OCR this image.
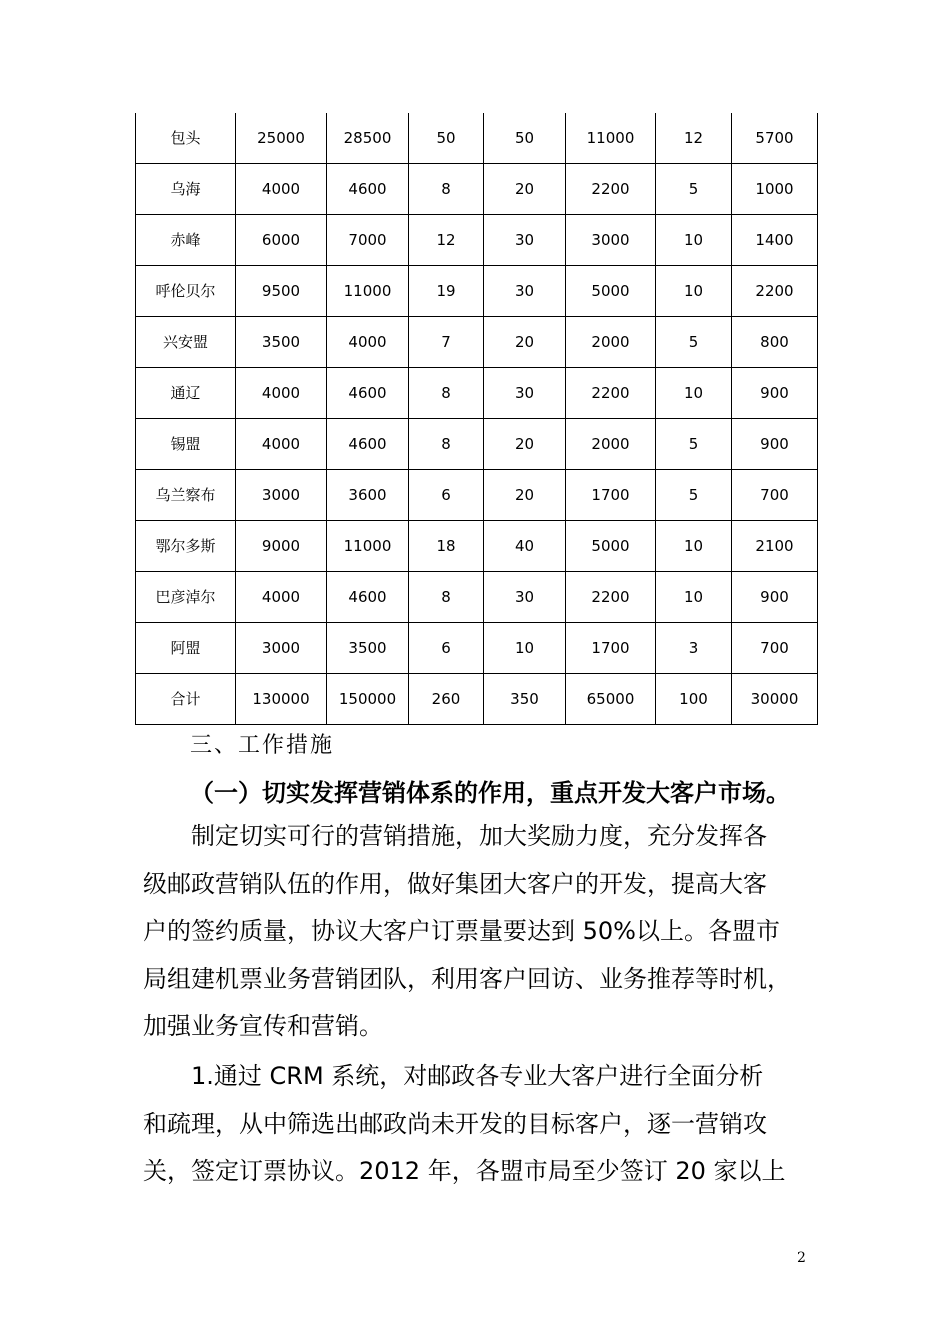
包头	25000	28500	50	50	11000	12	5700
乌海	4000	4600	8	20	2200	5	1000
赤峰	6000	7000	12	30	3000	10	1400
呼伦贝尔	9500	11000	19	30	5000	10	2200
兴安盟	3500	4000	7	20	2000	5	800
通辽	4000	4600	8	30	2200	10	900
锡盟	4000	4600	8	20	2000	5	900
乌兰察布	3000	3600	6	20	1700	5	700
鄂尔多斯	9000	11000	18	40	5000	10	2100
巴彦淖尔	4000	4600	8	30	2200	10	900
阿盟	3000	3500	6	10	1700	3	700
合计	130000	150000	260	350	65000	100	30000
三、工作措施
（一）切实发挥营销体系的作用，重点开发大客户市场。
制定切实可行的营销措施，加大奖励力度，充分发挥各
级邮政营销队伍的作用，做好集团大客户的开发，提高大客
户的签约质量，协议大客户订票量要达到 50%以上。各盟市
局组建机票业务营销团队，利用客户回访、业务推荐等时机，
加强业务宣传和营销。
1.通过 CRM 系统，对邮政各专业大客户进行全面分析
和疏理，从中筛选出邮政尚未开发的目标客户，逐一营销攻
关，签定订票协议。2012 年，各盟市局至少签订 20 家以上
2
